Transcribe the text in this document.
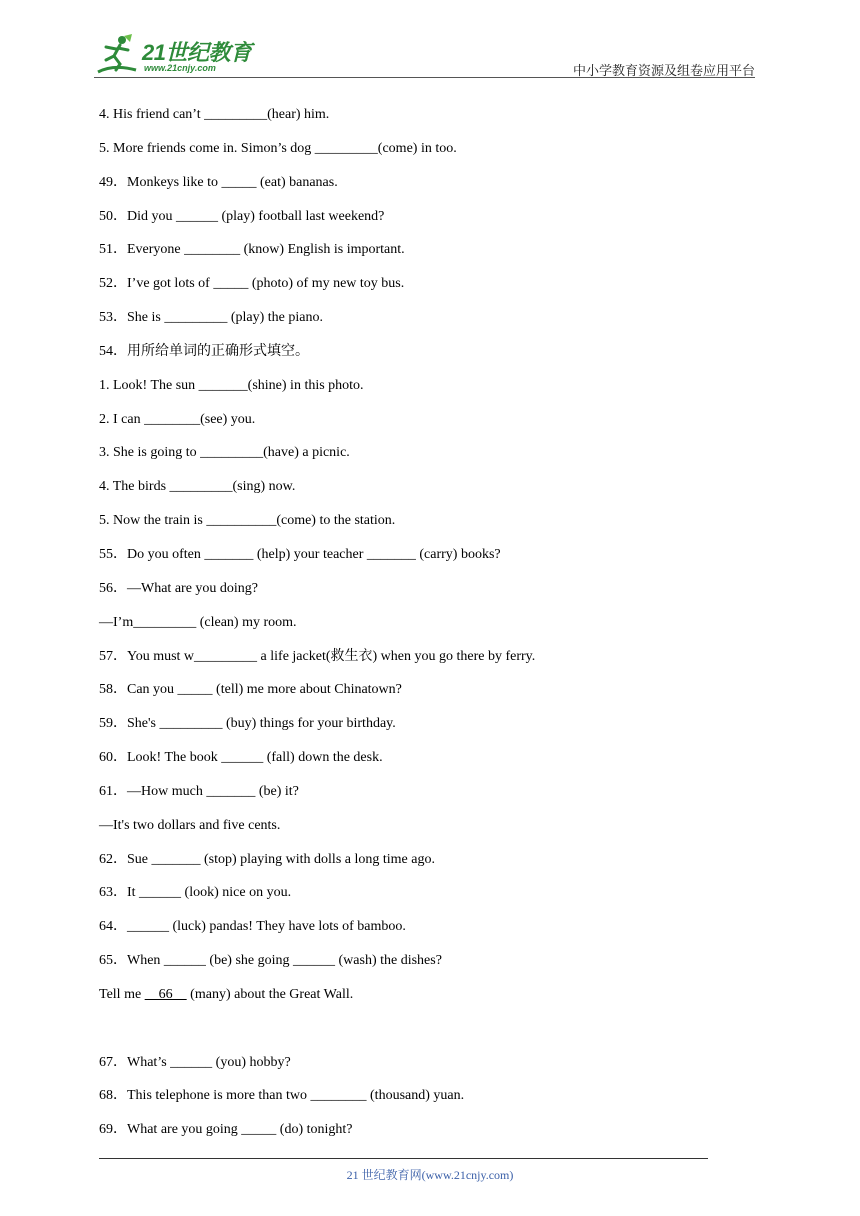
21世纪教育
www.21cnjy.com	中小学教育资源及组卷应用平台
4. His friend can’t _________(hear) him.
5. More friends come in. Simon’s dog _________(come) in too.
49．Monkeys like to _____ (eat) bananas.
50．Did you ______ (play) football last weekend?
51．Everyone ________ (know) English is important.
52．I’ve got lots of _____ (photo) of my new toy bus.
53．She is _________ (play) the piano.
54．用所给单词的正确形式填空。
1. Look! The sun _______(shine) in this photo.
2. I can ________(see) you.
3. She is going to _________(have) a picnic.
4. The birds _________(sing) now.
5. Now the train is __________(come) to the station.
55．Do you often _______ (help) your teacher _______ (carry) books?
56．—What are you doing?
—I’m_________ (clean) my room.
57．You must w_________ a life jacket(救生衣) when you go there by ferry.
58．Can you _____ (tell) me more about Chinatown?
59．She's _________ (buy) things for your birthday.
60．Look! The book ______ (fall) down the desk.
61．—How much _______ (be) it?
—It's two dollars and five cents.
62．Sue _______ (stop) playing with dolls a long time ago.
63．It ______ (look) nice on you.
64．______ (luck) pandas! They have lots of bamboo.
65．When ______ (be) she going ______ (wash) the dishes?
Tell me     66     (many) about the Great Wall.
67．What’s ______ (you) hobby?
68．This telephone is more than two ________ (thousand) yuan.
69．What are you going _____ (do) tonight?
21 世纪教育网(www.21cnjy.com)
